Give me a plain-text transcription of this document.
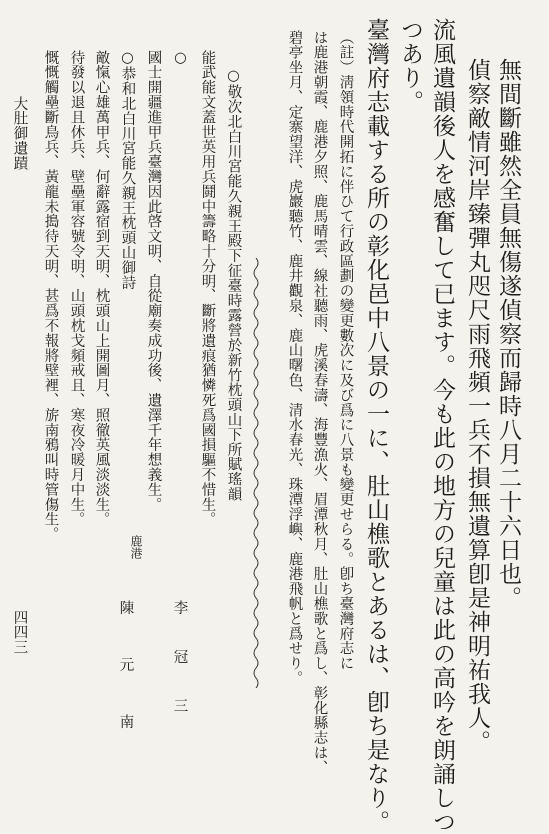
無間斷雖然全員無傷遂偵察而歸時八月二十六日也。
偵察敵情河岸臻彈丸咫尺雨飛頻一兵不損無遺算卽是神明祐我人。
流風遺韻後人を感奮して已ます。今も此の地方の兒童は此の高吟を朗誦しつ
つあり。
臺灣府志載する所の彰化邑中八景の一に、肚山樵歌とあるは、卽ち是なり。
（註）淸領時代開拓に伴ひて行政區劃の變更數次に及び爲に八景も變更せらる。卽ち臺灣府志に
は鹿港朝霞、鹿港夕照、鹿馬晴雲、線社聽雨、虎溪春濤、海豐漁火、眉潭秋月、肚山樵歌と爲し、彰化縣志は、
碧亭坐月、定寨望洋、虎巖聽竹、鹿井觀泉、鹿山曙色、清水春光、珠潭浮嶼、鹿港飛帆と爲せり。
○敬次北白川宮能久親王殿下征臺時露營於新竹枕頭山下所賦瑤韻
能武能文蓋世英用兵鬪中籌略十分明、斷將遺痕猶憐死爲國損驅不惜生。
○
李　冠　三
國士開疆進甲兵臺灣因此啓文明、自從廟奏成功後、遺澤千年想義生。
鹿港
陳　元　南
○恭和北白川宮能久親王枕頭山御詩
敵愾心雄萬甲兵、何辭露宿到天明、枕頭山上開圖月、照徹英風淡淡生。
待發以退且休兵、壁壘軍容號令明、山頭枕戈頻戒且、寒夜冷暖月中生。
慨慨觸壘斷鳥兵、黃龍未搗待天明、甚爲不報將壁裡、旂南鴉叫時管傷生。
大肚御遺蹟
四四三
